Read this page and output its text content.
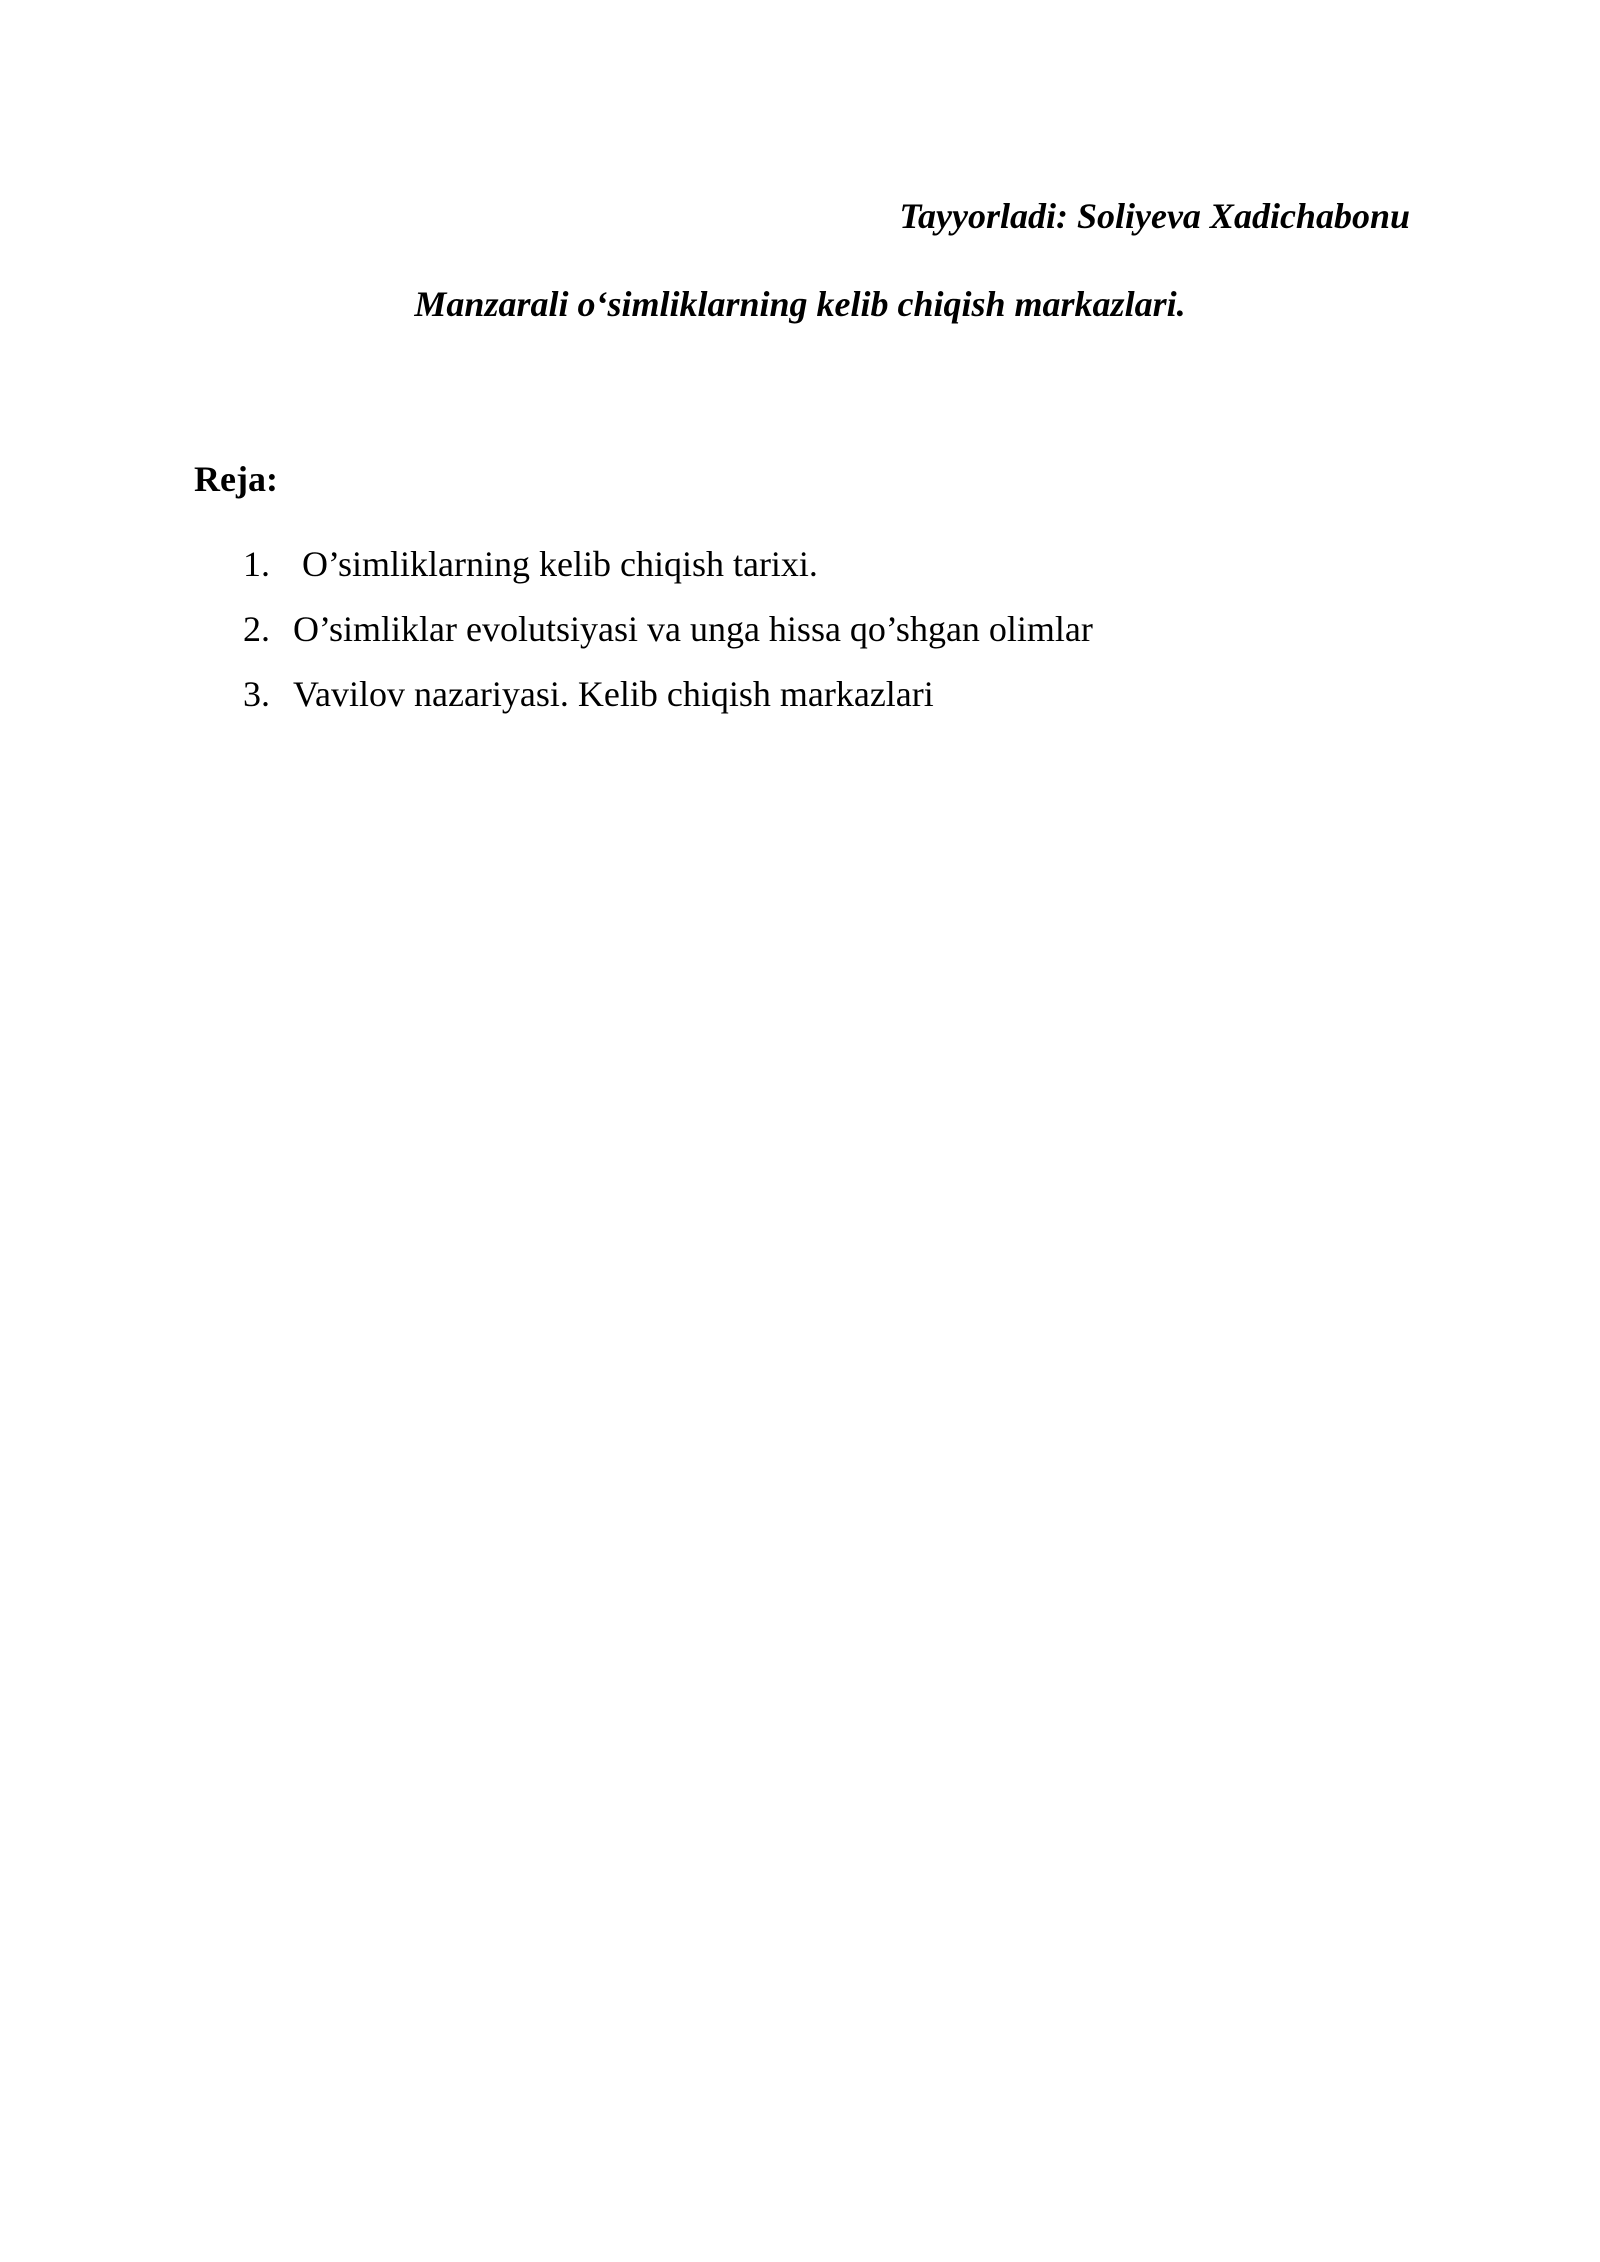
Tayyorladi: Soliyeva Xadichabonu
Manzarali o‘simliklarning kelib chiqish markazlari.
Reja:
1. O’simliklarning kelib chiqish tarixi.
2. O’simliklar evolutsiyasi va unga hissa qo’shgan olimlar
3. Vavilov nazariyasi. Kelib chiqish markazlari
